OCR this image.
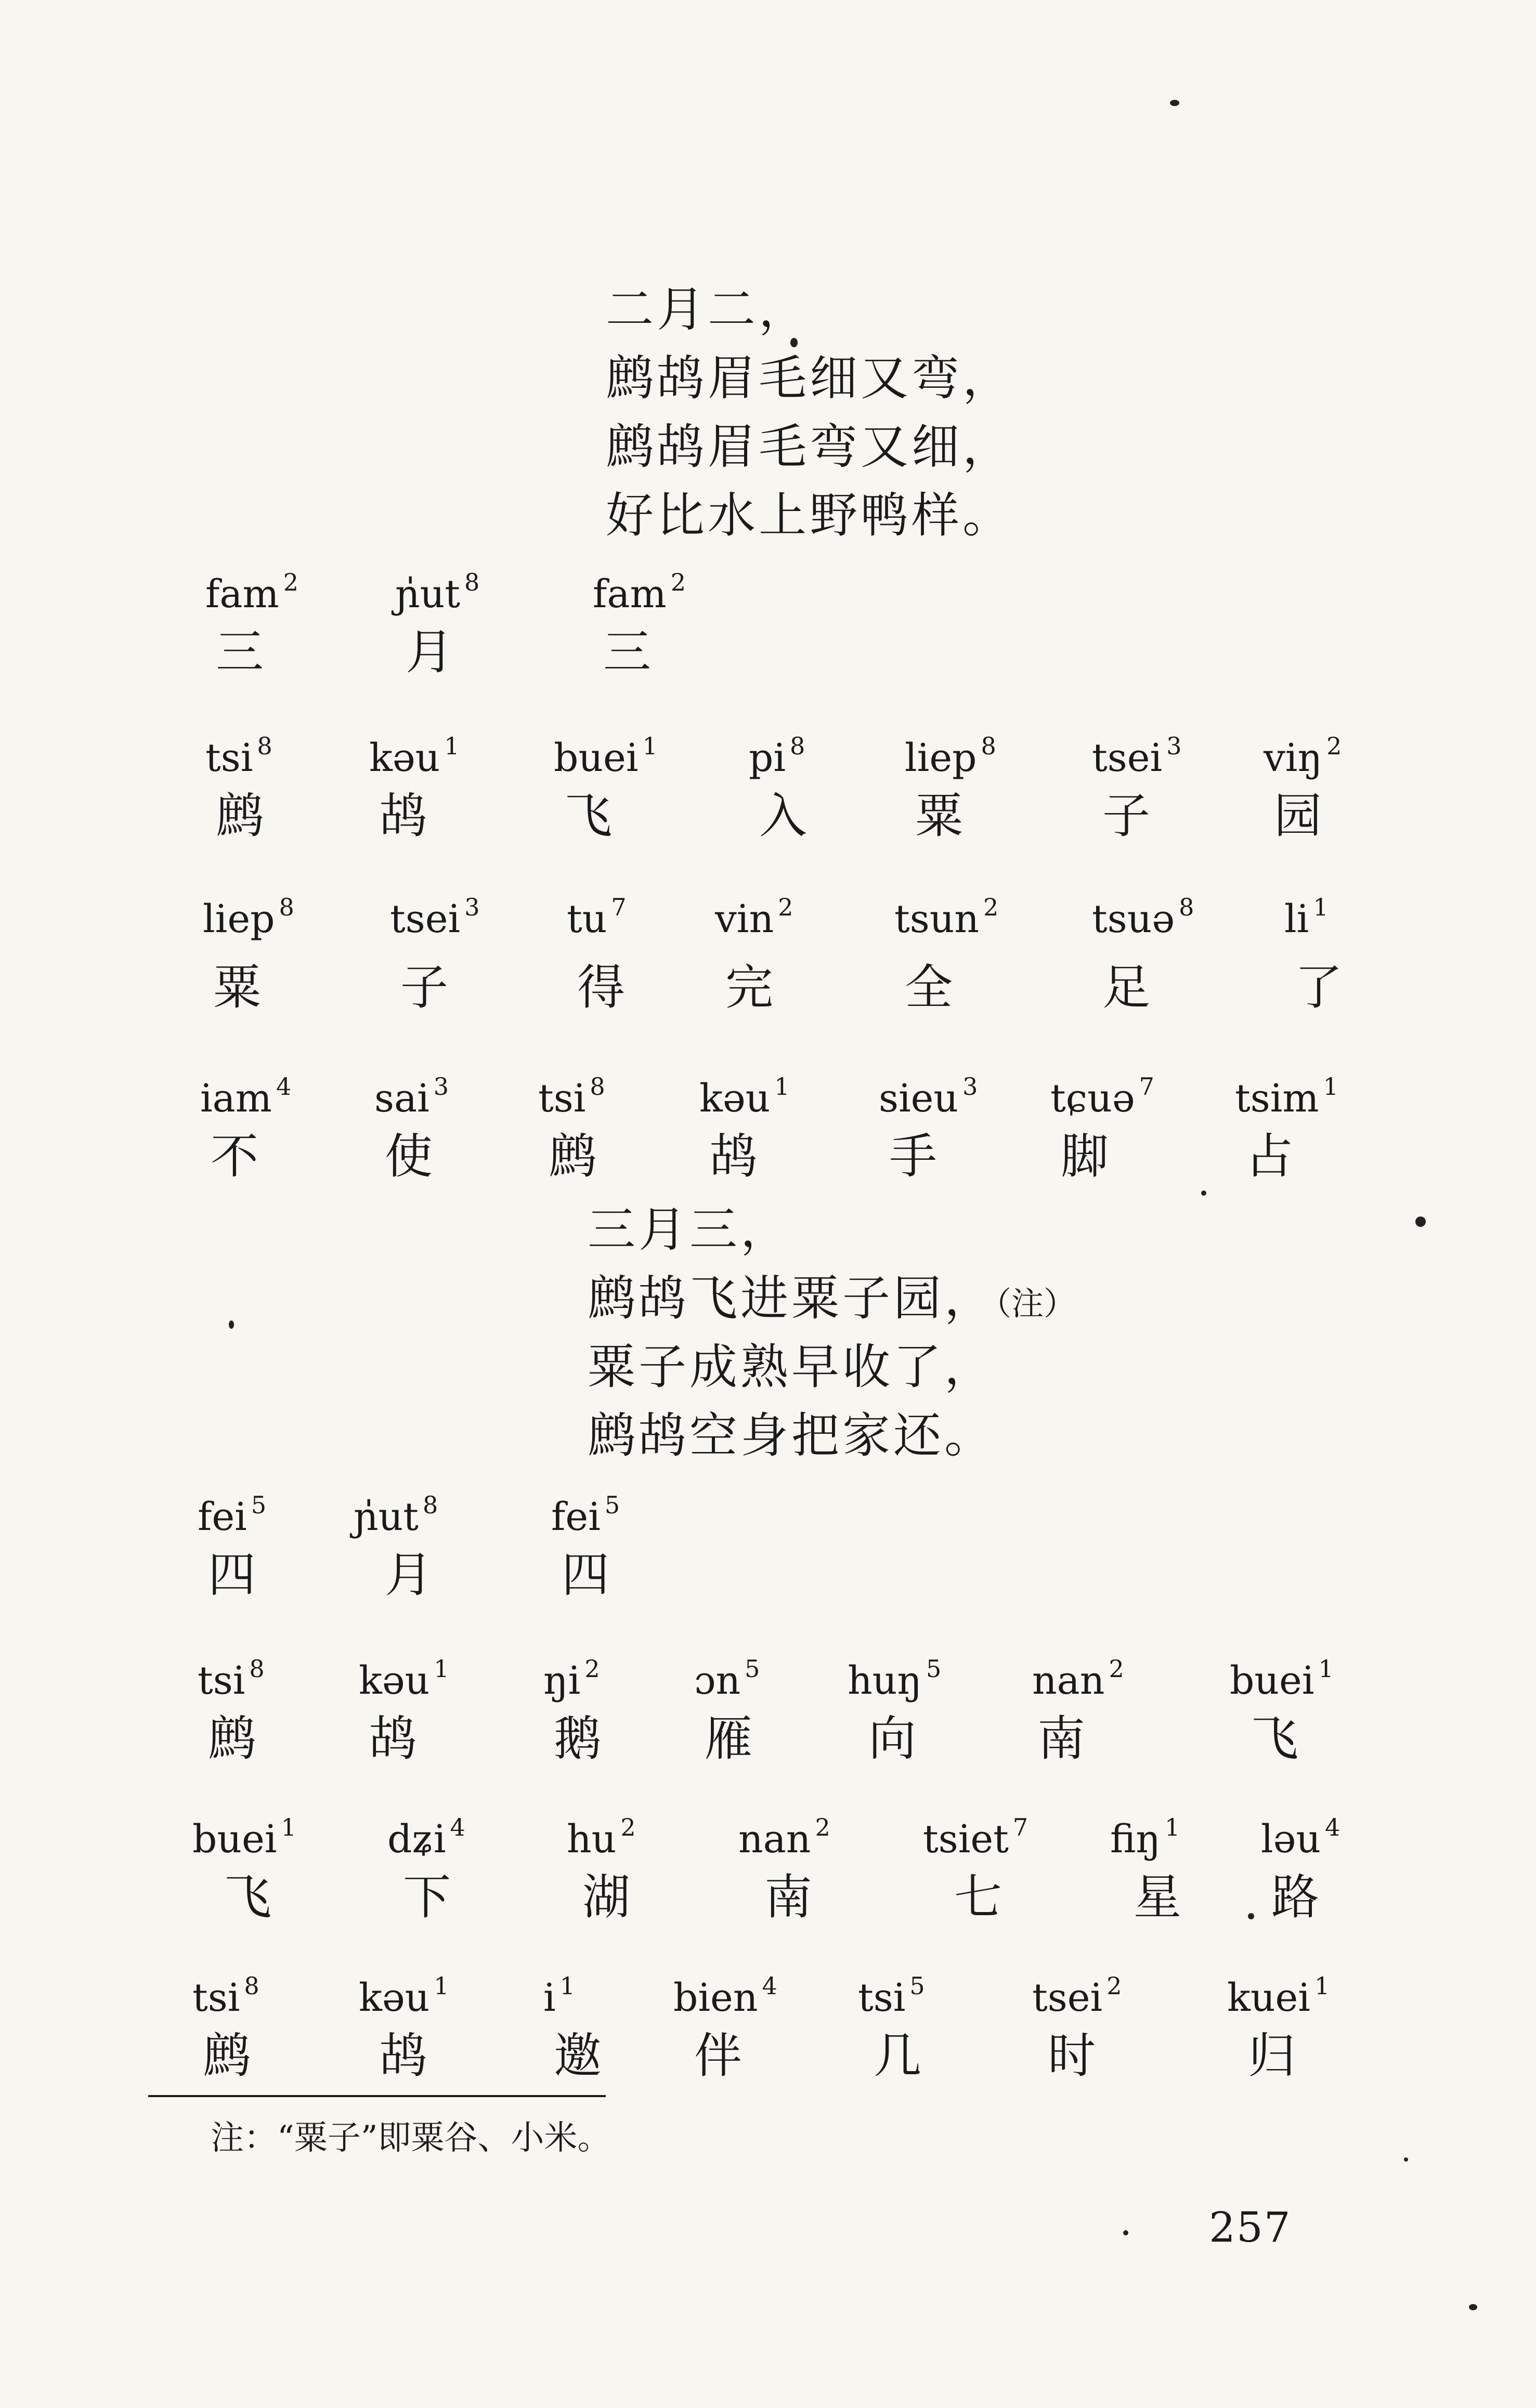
二月二，
鹧鸪眉毛细又弯，
鹧鸪眉毛弯又细，
好比水上野鸭样。
fam $^2$
三
ɲ̍ut $^8$
月
fam $^2$
三
tsi $^8$
鹧
kəu $^1$
鸪
buei $^1$
飞
pi $^8$
入
liep $^8$
粟
tsei $^3$
子
viŋ $^2$
园
liep $^8$
粟
tsei $^3$
子
tu $^7$
得
vin $^2$
完
tsun $^2$
全
tsuə $^8$
足
li $^1$
了
iam $^4$
不
sai $^3$
使
tsi $^8$
鹧
kəu $^1$
鸪
sieu $^3$
手
tɕuə $^7$
脚
tsim $^1$
占
三月三，
鹧鸪飞进粟子园，（注）
粟子成熟早收了，
鹧鸪空身把家还。
fei $^5$
四
ɲ̍ut $^8$
月
fei $^5$
四
tsi $^8$
鹧
kəu $^1$
鸪
ŋi $^2$
鹅
ɔn $^5$
雁
huŋ $^5$
向
nan $^2$
南
buei $^1$
飞
buei $^1$
飞
dʑi $^4$
下
hu $^2$
湖
nan $^2$
南
tsiet $^7$
七
fiŋ $^1$
星
ləu $^4$
路
tsi $^8$
鹧
kəu $^1$
鸪
i $^1$
邀
bien $^4$
伴
tsi $^5$
几
tsei $^2$
时
kuei $^1$
归
注：“粟子”即粟谷、小米。
257
